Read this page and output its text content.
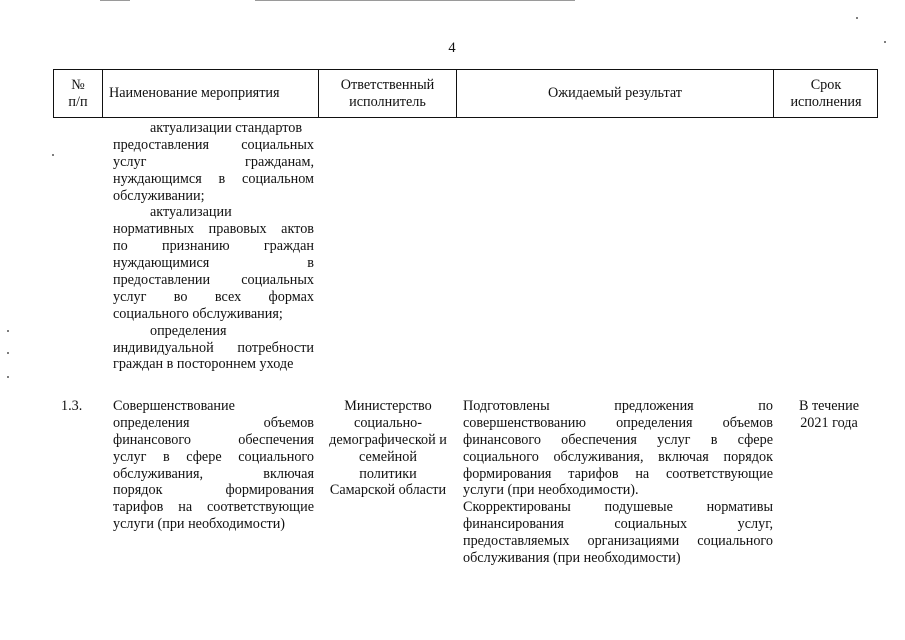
4
№
п/п
Наименование мероприятия
Ответственный исполнитель
Ожидаемый результат
Срок исполнения
актуализации стандартов
предоставления социальных
услуг гражданам,
нуждающимся в социальном
обслуживании;
актуализации
нормативных правовых актов
по признанию граждан
нуждающимися в
предоставлении социальных
услуг во всех формах
социального обслуживания;
определения
индивидуальной потребности
граждан в постороннем уходе
1.3. Совершенствование
определения объемов
финансового обеспечения
услуг в сфере социального
обслуживания, включая
порядок формирования
тарифов на соответствующие
услуги (при необходимости)
Министерство
социально-
демографической и
семейной
политики
Самарской области
Подготовлены предложения по
совершенствованию определения объемов
финансового обеспечения услуг в сфере
социального обслуживания, включая порядок
формирования тарифов на соответствующие
услуги (при необходимости).
Скорректированы подушевые нормативы
финансирования социальных услуг,
предоставляемых организациями социального
обслуживания (при необходимости)
В течение
2021 года
